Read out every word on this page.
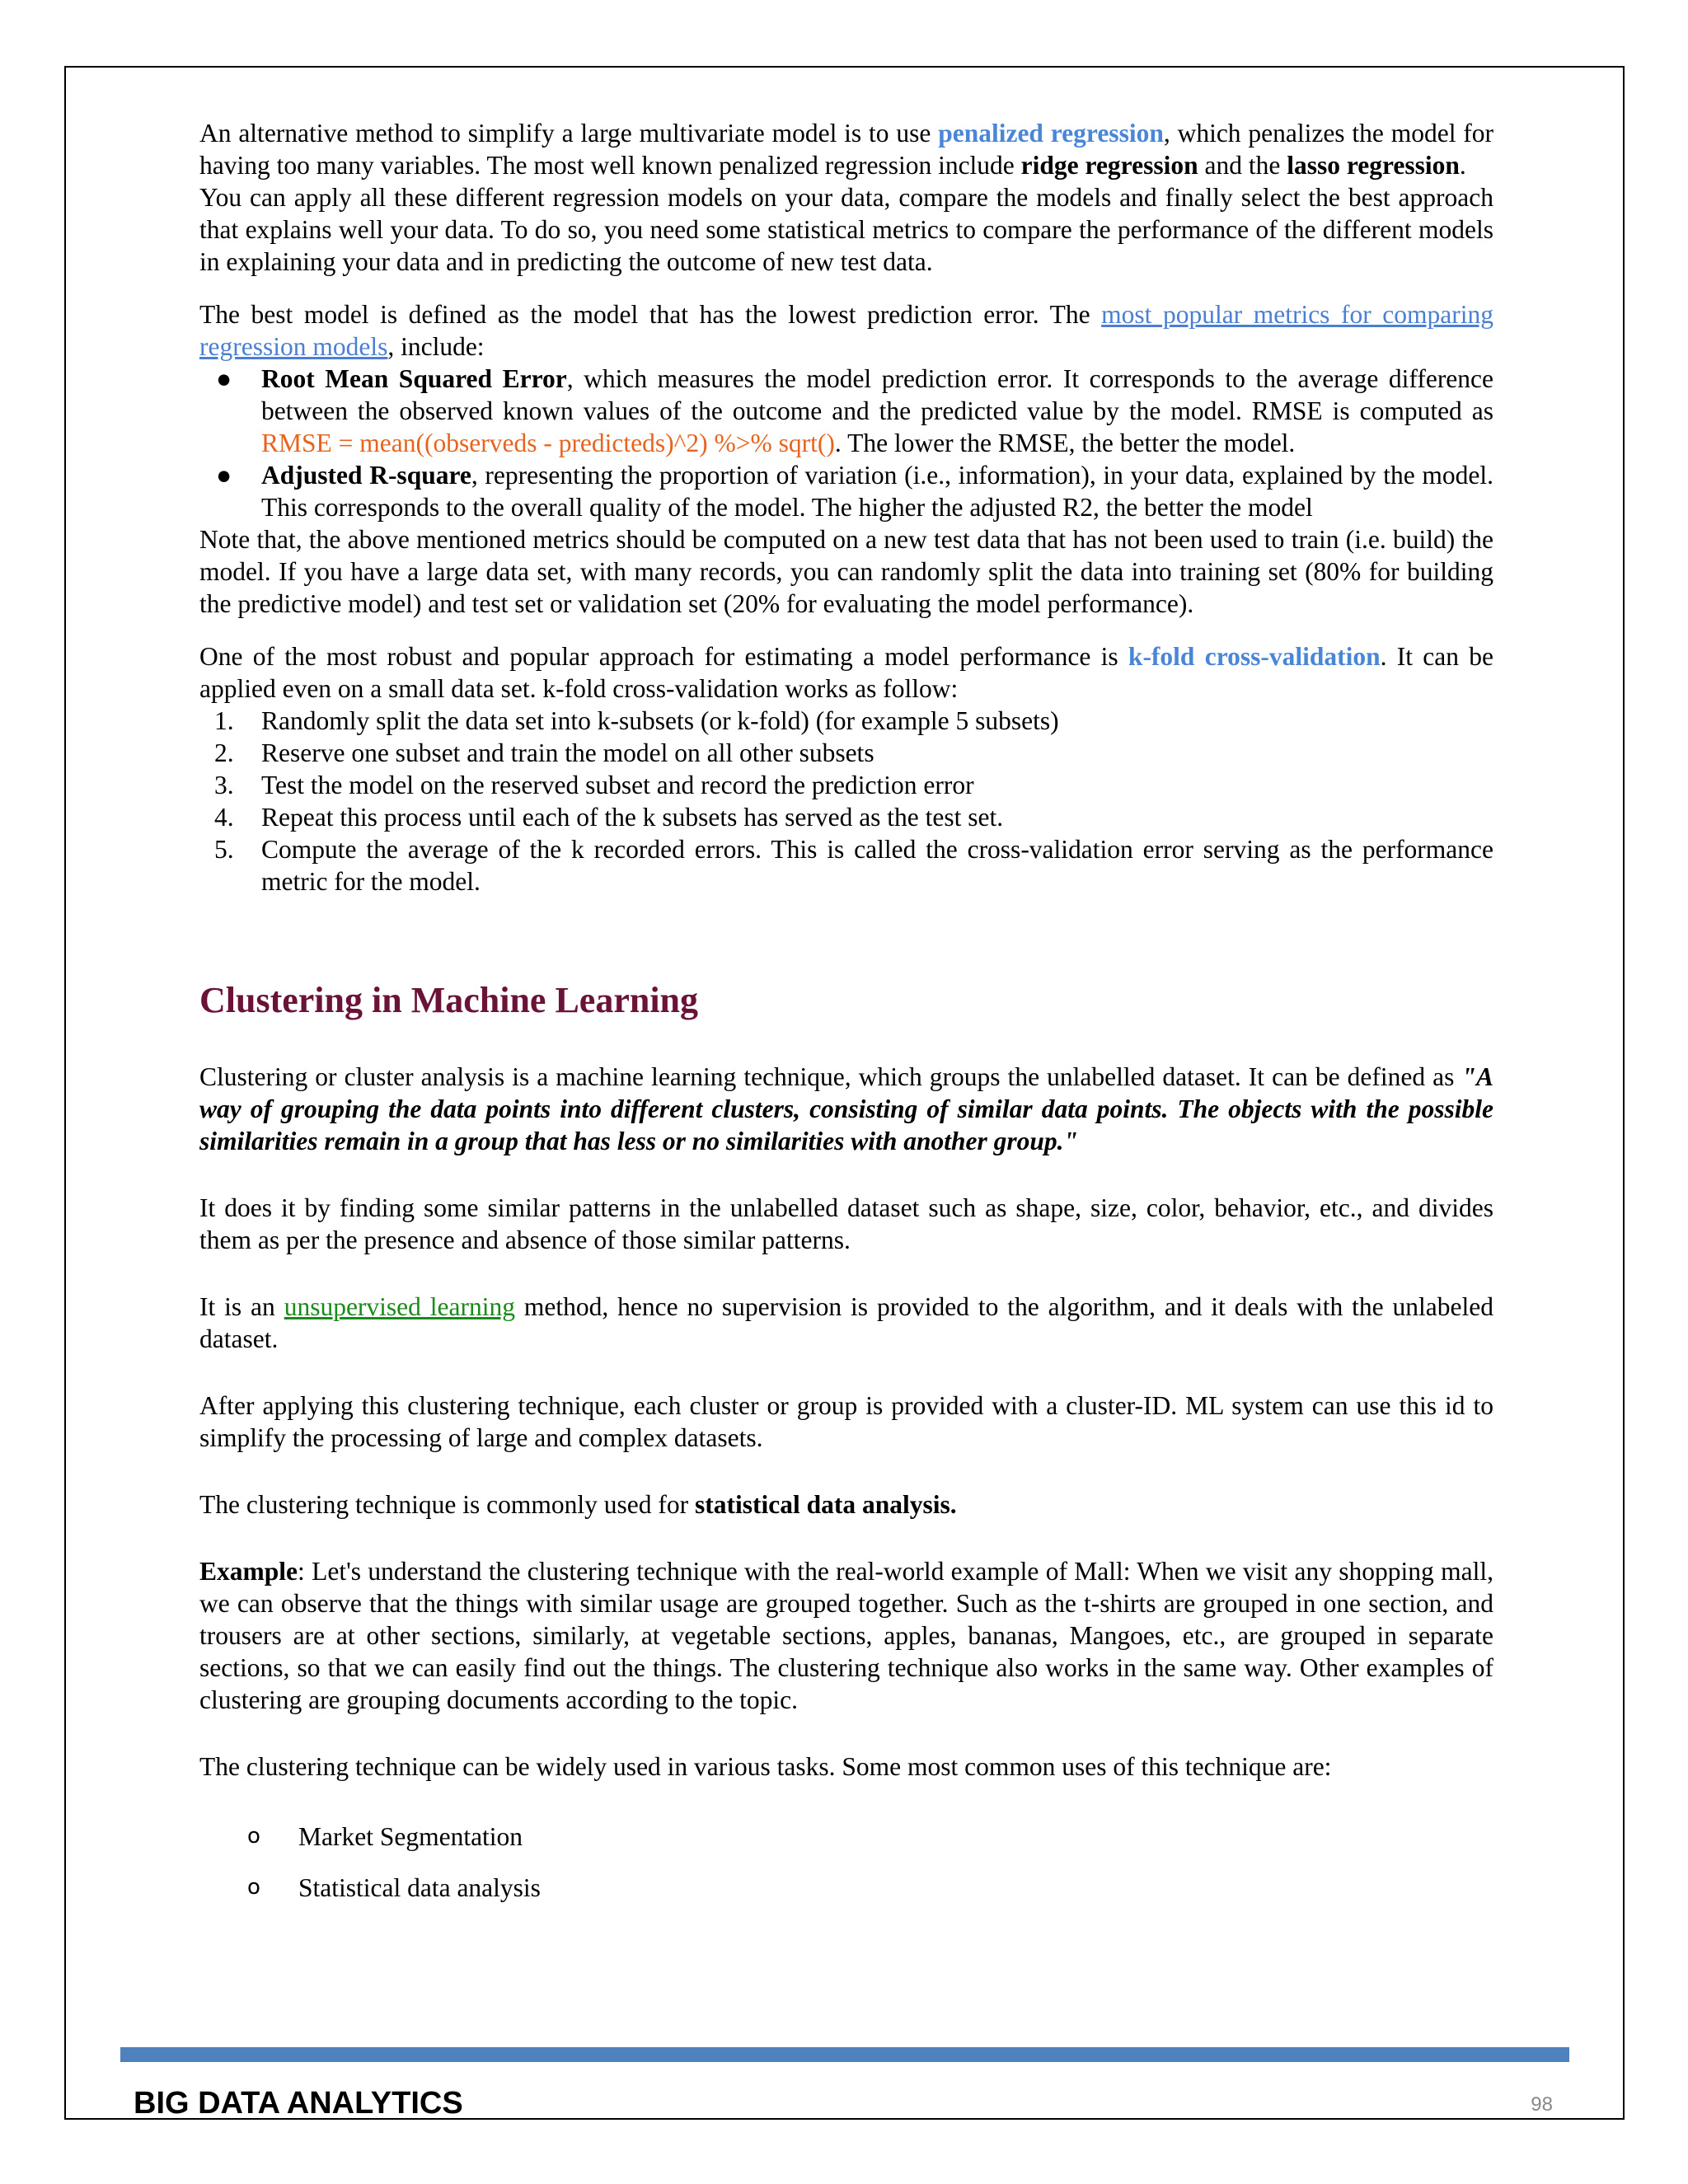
An alternative method to simplify a large multivariate model is to use penalized regression, which penalizes the model for having too many variables. The most well known penalized regression include ridge regression and the lasso regression.

You can apply all these different regression models on your data, compare the models and finally select the best approach that explains well your data. To do so, you need some statistical metrics to compare the performance of the different models in explaining your data and in predicting the outcome of new test data.

The best model is defined as the model that has the lowest prediction error. The most popular metrics for comparing regression models, include:

● Root Mean Squared Error, which measures the model prediction error. It corresponds to the average difference between the observed known values of the outcome and the predicted value by the model. RMSE is computed as RMSE = mean((observeds - predicteds)^2) %>% sqrt(). The lower the RMSE, the better the model.
● Adjusted R-square, representing the proportion of variation (i.e., information), in your data, explained by the model. This corresponds to the overall quality of the model. The higher the adjusted R2, the better the model

Note that, the above mentioned metrics should be computed on a new test data that has not been used to train (i.e. build) the model. If you have a large data set, with many records, you can randomly split the data into training set (80% for building the predictive model) and test set or validation set (20% for evaluating the model performance).

One of the most robust and popular approach for estimating a model performance is k-fold cross-validation. It can be applied even on a small data set. k-fold cross-validation works as follow:

1. Randomly split the data set into k-subsets (or k-fold) (for example 5 subsets)
2. Reserve one subset and train the model on all other subsets
3. Test the model on the reserved subset and record the prediction error
4. Repeat this process until each of the k subsets has served as the test set.
5. Compute the average of the k recorded errors. This is called the cross-validation error serving as the performance metric for the model.
Clustering in Machine Learning

Clustering or cluster analysis is a machine learning technique, which groups the unlabelled dataset. It can be defined as "A way of grouping the data points into different clusters, consisting of similar data points. The objects with the possible similarities remain in a group that has less or no similarities with another group."

It does it by finding some similar patterns in the unlabelled dataset such as shape, size, color, behavior, etc., and divides them as per the presence and absence of those similar patterns.

It is an unsupervised learning method, hence no supervision is provided to the algorithm, and it deals with the unlabeled dataset.

After applying this clustering technique, each cluster or group is provided with a cluster-ID. ML system can use this id to simplify the processing of large and complex datasets.

The clustering technique is commonly used for statistical data analysis.

Example: Let's understand the clustering technique with the real-world example of Mall: When we visit any shopping mall, we can observe that the things with similar usage are grouped together. Such as the t-shirts are grouped in one section, and trousers are at other sections, similarly, at vegetable sections, apples, bananas, Mangoes, etc., are grouped in separate sections, so that we can easily find out the things. The clustering technique also works in the same way. Other examples of clustering are grouping documents according to the topic.

The clustering technique can be widely used in various tasks. Some most common uses of this technique are:

o Market Segmentation
o Statistical data analysis
BIG DATA ANALYTICS	98
